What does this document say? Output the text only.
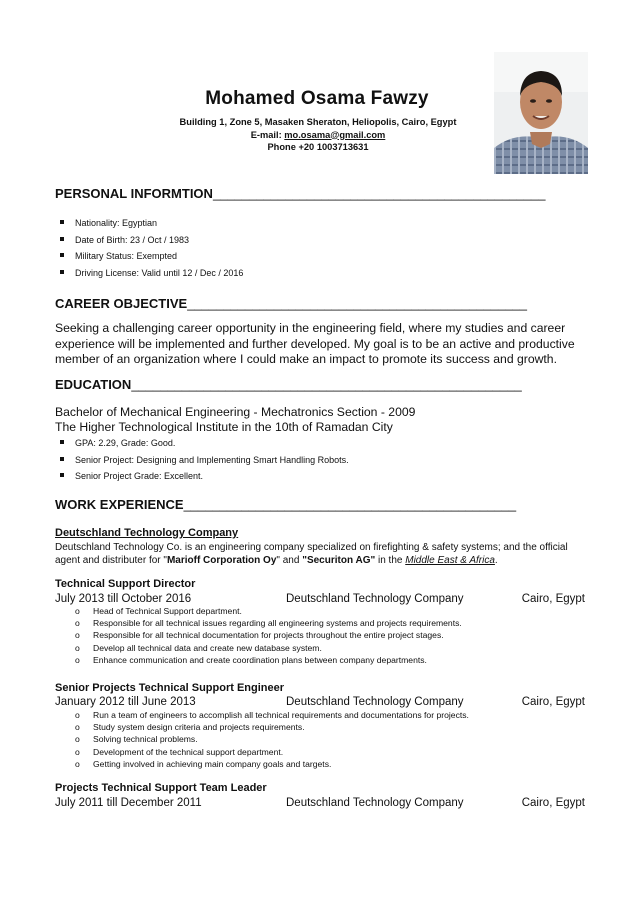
Mohamed Osama Fawzy
Building 1, Zone 5, Masaken Sheraton, Heliopolis, Cairo, Egypt
E-mail: mo.osama@gmail.com
Phone +20 1003713631
PERSONAL INFORMTION______________________________________________
Nationality: Egyptian
Date of Birth: 23 / Oct / 1983
Military Status: Exempted
Driving License: Valid until 12 / Dec / 2016
CAREER OBJECTIVE_______________________________________________
Seeking a challenging career opportunity in the engineering field, where my studies and career experience will be implemented and further developed. My goal is to be an active and productive member of an organization where I could make an impact to promote its success and growth.
EDUCATION______________________________________________________
Bachelor of Mechanical Engineering - Mechatronics Section - 2009
The Higher Technological Institute in the 10th of Ramadan City
GPA: 2.29, Grade: Good.
Senior Project: Designing and Implementing Smart Handling Robots.
Senior Project Grade: Excellent.
WORK EXPERIENCE______________________________________________
Deutschland Technology Company
Deutschland Technology Co. is an engineering company specialized on firefighting & safety systems; and the official agent and distributer for "Marioff Corporation Oy" and "Securiton AG" in the Middle East & Africa.
Technical Support Director
July 2013 till October 2016	Deutschland Technology Company	Cairo, Egypt
o Head of Technical Support department.
o Responsible for all technical issues regarding all engineering systems and projects requirements.
o Responsible for all technical documentation for projects throughout the entire project stages.
o Develop all technical data and create new database system.
o Enhance communication and create coordination plans between company departments.
Senior Projects Technical Support Engineer
January 2012 till June 2013	Deutschland Technology Company	Cairo, Egypt
o Run a team of engineers to accomplish all technical requirements and documentations for projects.
o Study system design criteria and projects requirements.
o Solving technical problems.
o Development of the technical support department.
o Getting involved in achieving main company goals and targets.
Projects Technical Support Team Leader
July 2011 till December 2011	Deutschland Technology Company	Cairo, Egypt
